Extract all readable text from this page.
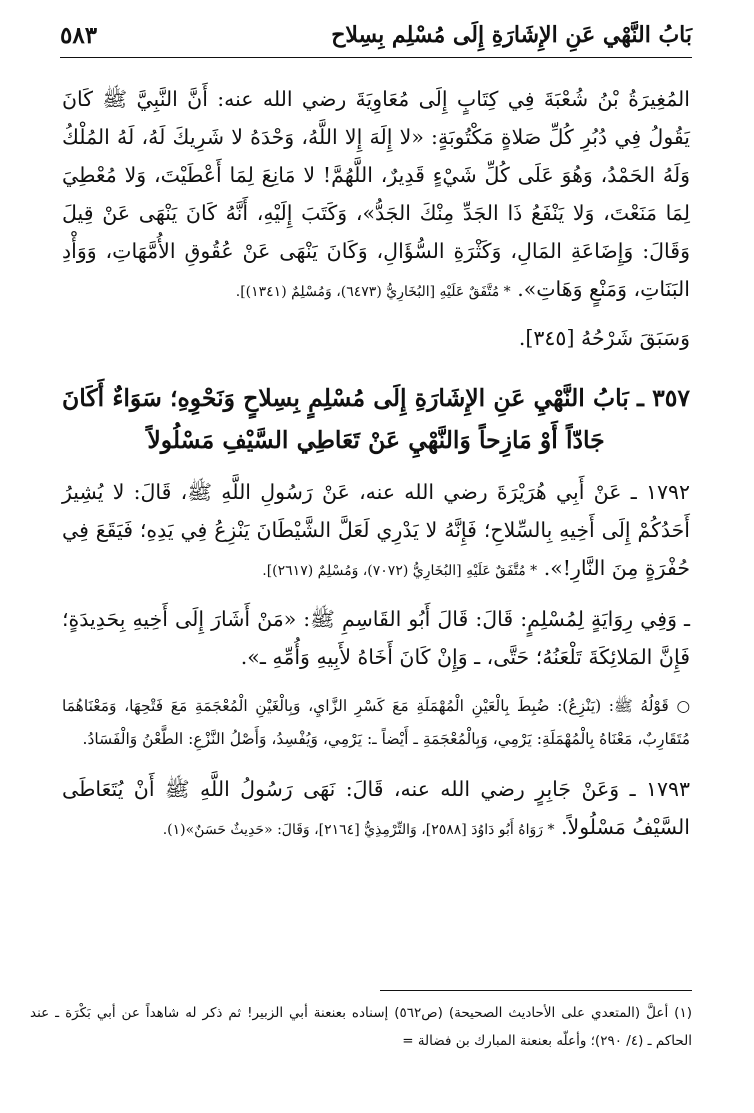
بَابُ النَّهْي عَنِ الإِشَارَةِ إِلَى مُسْلِم بِسِلاح
٥٨٣

المُغِيرَةُ بْنُ شُعْبَةَ فِي كِتَابٍ إِلَى مُعَاوِيَةَ رضي الله عنه: أَنَّ النَّبِيَّ ﷺ كَانَ يَقُولُ فِي دُبُرِ كُلِّ صَلاةٍ مَكْتُوبَةٍ: «لا إِلَهَ إِلا اللَّهُ، وَحْدَهُ لا شَرِيكَ لَهُ، لَهُ المُلْكُ وَلَهُ الحَمْدُ، وَهُوَ عَلَى كُلِّ شَيْءٍ قَدِيرٌ، اللَّهُمَّ! لا مَانِعَ لِمَا أَعْطَيْتَ، وَلا مُعْطِيَ لِمَا مَنَعْتَ، وَلا يَنْفَعُ ذَا الجَدِّ مِنْكَ الجَدُّ»، وَكَتَبَ إِلَيْهِ، أَنَّهُ كَانَ يَنْهَى عَنْ قِيلَ وَقَالَ: وَإِضَاعَةِ المَالِ، وَكَثْرَةِ السُّؤَالِ، وَكَانَ يَنْهَى عَنْ عُقُوقِ الأُمَّهَاتِ، وَوَأْدِ البَنَاتِ، وَمَنْعٍ وَهَاتِ». * مُتَّفَقٌ عَلَيْهِ [البُخَارِيُّ (٦٤٧٣)، وَمُسْلِمٌ (١٣٤١)].

وَسَبَقَ شَرْحُهُ [٣٤٥].

٣٥٧ ـ بَابُ النَّهْيِ عَنِ الإِشَارَةِ إِلَى مُسْلِمٍ بِسِلاحٍ وَنَحْوِهِ؛ سَوَاءٌ أَكَانَ جَادّاً أَوْ مَازِحاً وَالنَّهْيِ عَنْ تَعَاطِي السَّيْفِ مَسْلُولاً

١٧٩٢ ـ عَنْ أَبِي هُرَيْرَةَ رضي الله عنه، عَنْ رَسُولِ اللَّهِ ﷺ، قَالَ: لا يُشِيرُ أَحَدُكُمْ إِلَى أَخِيهِ بِالسِّلاحِ؛ فَإِنَّهُ لا يَدْرِي لَعَلَّ الشَّيْطَانَ يَنْزِعُ فِي يَدِهِ؛ فَيَقَعَ فِي حُفْرَةٍ مِنَ النَّارِ!». * مُتَّفَقٌ عَلَيْهِ [البُخَارِيُّ (٧٠٧٢)، وَمُسْلِمٌ (٢٦١٧)].

ـ وَفِي رِوَايَةٍ لِمُسْلِمٍ: قَالَ: قَالَ أَبُو القَاسِمِ ﷺ: «مَنْ أَشَارَ إِلَى أَخِيهِ بِحَدِيدَةٍ؛ فَإِنَّ المَلائِكَةَ تَلْعَنُهُ؛ حَتَّى، ـ وَإِنْ كَانَ أَخَاهُ لأَبِيهِ وَأُمِّهِ ـ».

○ قَوْلُهُ ﷺ: (يَنْزِعُ): ضُبِطَ بِالْعَيْنِ الْمُهْمَلَةِ مَعَ كَسْرِ الزَّايِ، وَبِالْغَيْنِ الْمُعْجَمَةِ مَعَ فَتْحِهَا، وَمَعْنَاهُمَا مُتَقَارِبٌ، مَعْنَاهُ بِالْمُهْمَلَةِ: يَرْمِي، وَبِالْمُعْجَمَةِ ـ أَيْضاً ـ: يَرْمِي، وَيُفْسِدُ، وَأَصْلُ النَّزْعِ: الطَّعْنُ وَالْفَسَادُ.

١٧٩٣ ـ وَعَنْ جَابِرٍ رضي الله عنه، قَالَ: نَهَى رَسُولُ اللَّهِ ﷺ أَنْ يُتَعَاطَى السَّيْفُ مَسْلُولاً. * رَوَاهُ أَبُو دَاوُدَ [٢٥٨٨]، وَالتِّرْمِذِيُّ [٢١٦٤]، وَقَالَ: «حَدِيثٌ حَسَنٌ»(١).

(١) أعلَّ (المتعدي على الأحاديث الصحيحة) (ص٥٦٢) إسناده بعنعنة أبي الزبير! ثم ذكر له شاهداً عن أبي بَكْرَة ـ عند الحاكم ـ (٤/ ٢٩٠)؛ وأعلّه بعنعنة المبارك بن فضالة =
